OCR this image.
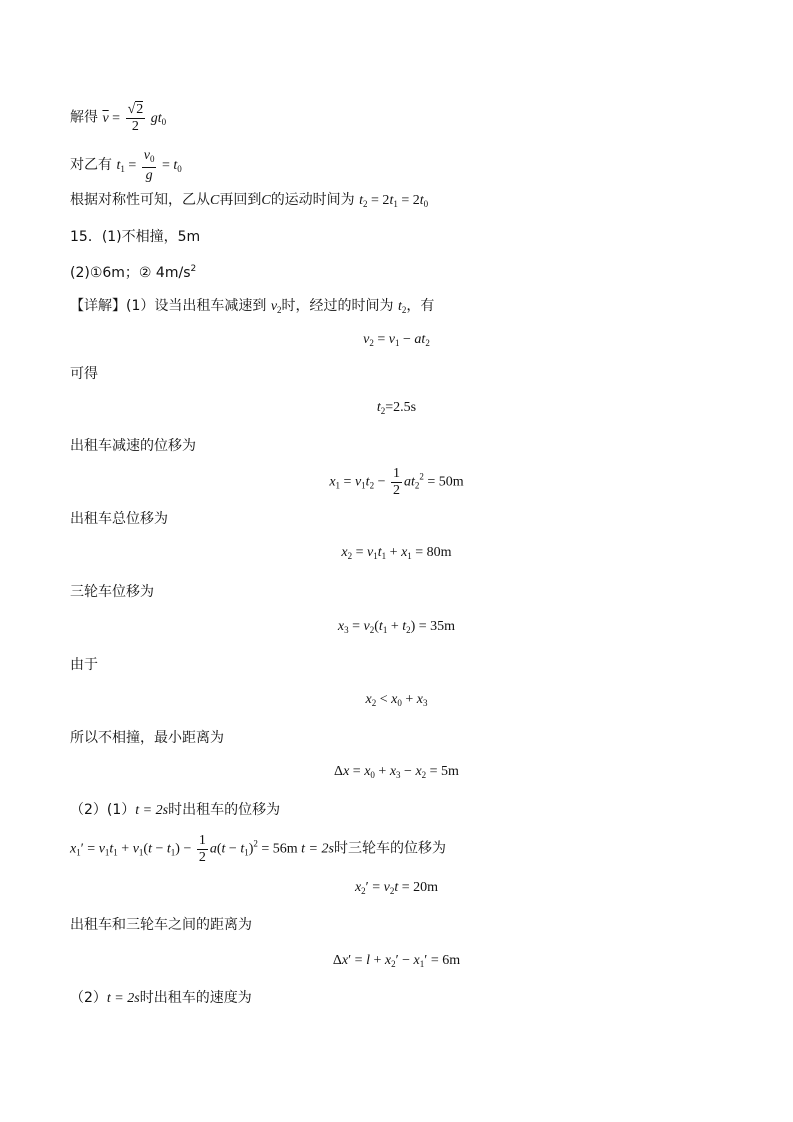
解得 $\overline{v} = \frac{√2}{2} gt_0$
对乙有 $t_1 = \frac{v_0}{g} = t_0$
根据对称性可知，乙从C再回到C的运动时间为 $t_2 = 2t_1 = 2t_0$
15．(1)不相撞，5m
(2)①6m；② $4m/s^2$
【详解】(1）设当出租车减速到 $v_2$时，经过的时间为 $t_2$，有
$v_2 = v_1 - at_2$
可得
$t_2=2.5s$
出租车减速的位移为
$x_1 = v_1t_2 - \frac{1}{2} at_2^2 = 50m$
出租车总位移为
$x_2 = v_1t_1 + x_1 = 80m$
三轮车位移为
$x_3 = v_2(t_1 + t_2) = 35m$
由于
$x_2 < x_0 + x_3$
所以不相撞，最小距离为
$\Delta x = x_0 + x_3 - x_2 = 5m$
（2）(1）t = 2s时出租车的位移为
$x_1' = v_1t_1 + v_1(t - t_1) - \frac{1}{2} a(t - t_1)^2 = 56m$ t = 2s时三轮车的位移为
$x_2' = v_2t = 20m$
出租车和三轮车之间的距离为
$\Delta x' = l + x_2' - x_1' = 6m$
（2）t = 2s时出租车的速度为
